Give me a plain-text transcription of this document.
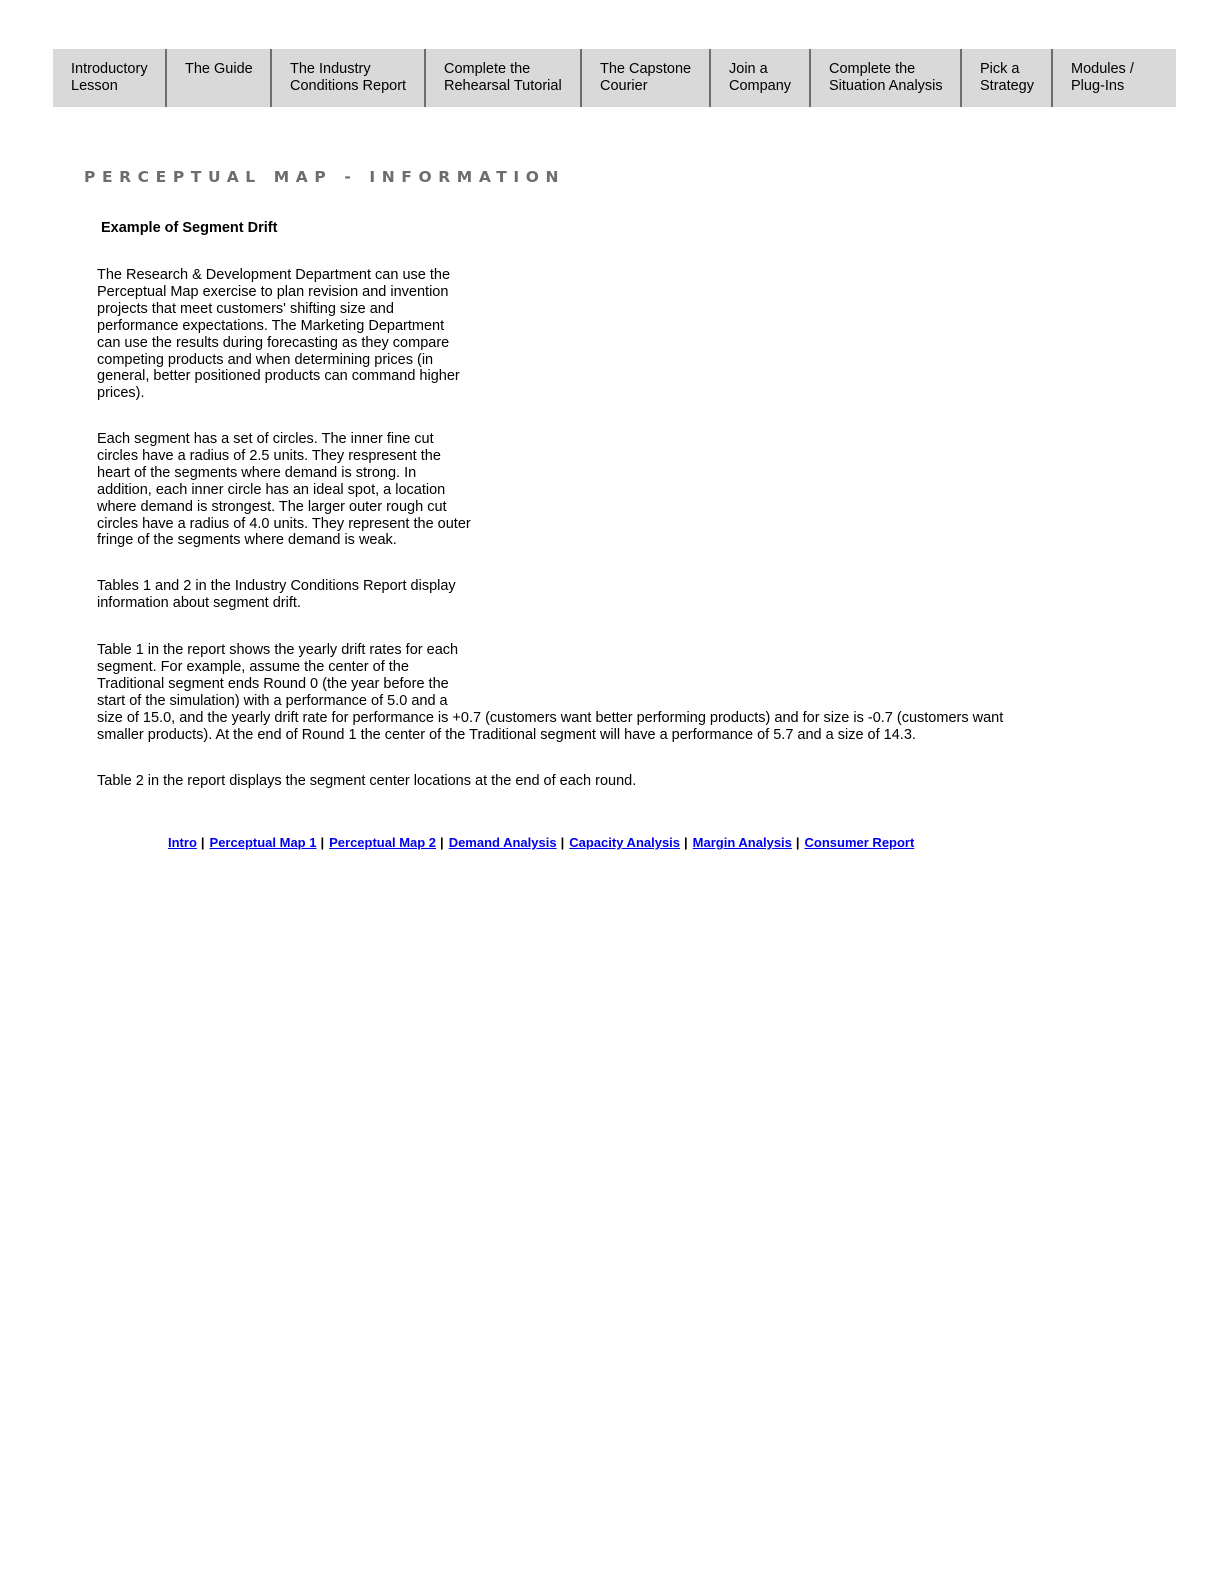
Introductory
Lesson
The Guide	The Industry
Conditions Report
Complete the
Rehearsal Tutorial
The Capstone
Courier
Join a
Company
Complete the
Situation Analysis
Pick a
Strategy
Modules /
Plug-Ins
PERCEPTUAL MAP - INFORMATION
Example of Segment Drift

The Research & Development Department can use the
Perceptual Map exercise to plan revision and invention
projects that meet customers' shifting size and
performance expectations. The Marketing Department
can use the results during forecasting as they compare
competing products and when determining prices (in
general, better positioned products can command higher
prices).

Each segment has a set of circles. The inner fine cut
circles have a radius of 2.5 units. They respresent the
heart of the segments where demand is strong. In
addition, each inner circle has an ideal spot, a location
where demand is strongest. The larger outer rough cut
circles have a radius of 4.0 units. They represent the outer
fringe of the segments where demand is weak.

Tables 1 and 2 in the Industry Conditions Report display
information about segment drift.

Table 1 in the report shows the yearly drift rates for each
segment. For example, assume the center of the
Traditional segment ends Round 0 (the year before the
start of the simulation) with a performance of 5.0 and a
size of 15.0, and the yearly drift rate for performance is +0.7 (customers want better performing products) and for size is -0.7 (customers want
smaller products). At the end of Round 1 the center of the Traditional segment will have a performance of 5.7 and a size of 14.3.

Table 2 in the report displays the segment center locations at the end of each round.

Intro | Perceptual Map 1 | Perceptual Map 2 | Demand Analysis | Capacity Analysis | Margin Analysis | Consumer Report
